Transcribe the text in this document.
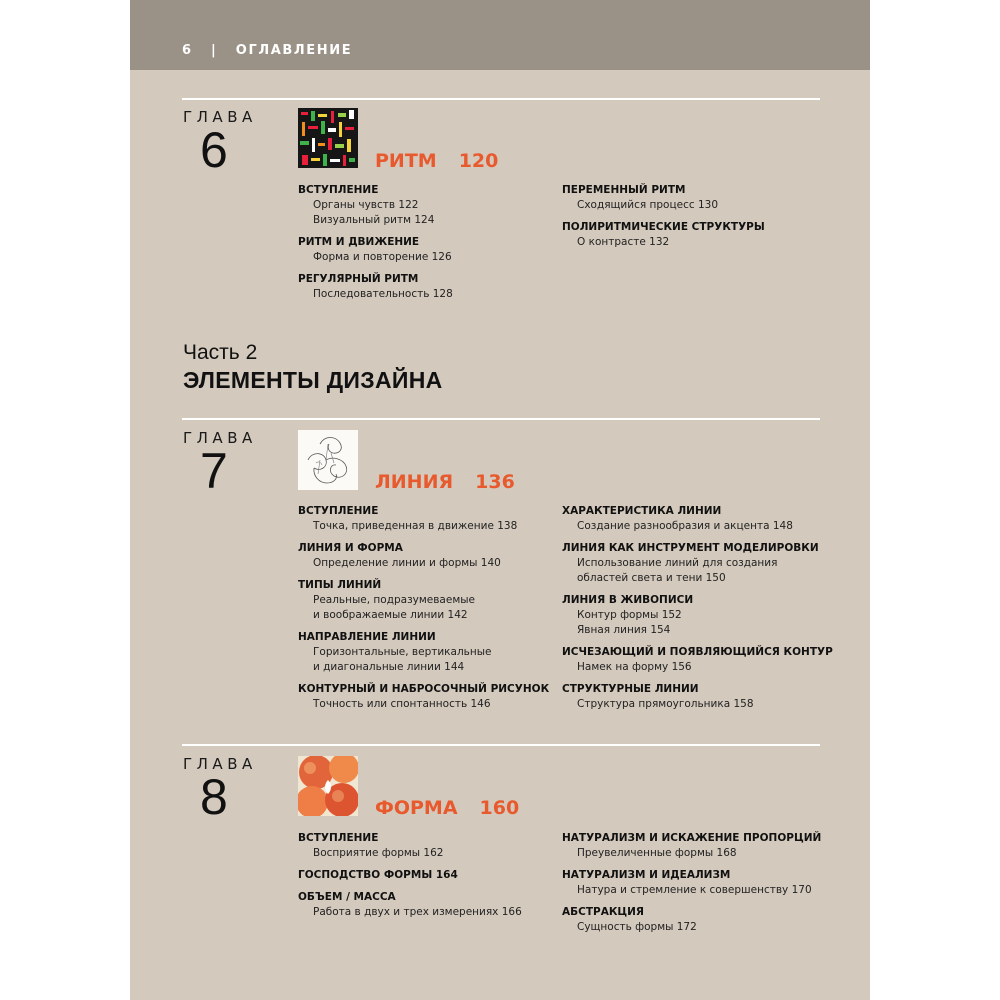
6 | ОГЛАВЛЕНИЕ
ГЛАВА
6	РИТМ 120
ВСТУПЛЕНИЕ
Органы чувств 122
Визуальный ритм 124
РИТМ И ДВИЖЕНИЕ
Форма и повторение 126
РЕГУЛЯРНЫЙ РИТМ
Последовательность 128
ПЕРЕМЕННЫЙ РИТМ
Сходящийся процесс 130
ПОЛИРИТМИЧЕСКИЕ СТРУКТУРЫ
О контрасте 132
Часть 2
ЭЛЕМЕНТЫ ДИЗАЙНА
ГЛАВА
7	ЛИНИЯ 136
ВСТУПЛЕНИЕ
Точка, приведенная в движение 138
ЛИНИЯ И ФОРМА
Определение линии и формы 140
ТИПЫ ЛИНИЙ
Реальные, подразумеваемые
и воображаемые линии 142
НАПРАВЛЕНИЕ ЛИНИИ
Горизонтальные, вертикальные
и диагональные линии 144
КОНТУРНЫЙ И НАБРОСОЧНЫЙ РИСУНОК
Точность или спонтанность 146
ХАРАКТЕРИСТИКА ЛИНИИ
Создание разнообразия и акцента 148
ЛИНИЯ КАК ИНСТРУМЕНТ МОДЕЛИРОВКИ
Использование линий для создания
областей света и тени 150
ЛИНИЯ В ЖИВОПИСИ
Контур формы 152
Явная линия 154
ИСЧЕЗАЮЩИЙ И ПОЯВЛЯЮЩИЙСЯ КОНТУР
Намек на форму 156
СТРУКТУРНЫЕ ЛИНИИ
Структура прямоугольника 158
ГЛАВА
8	ФОРМА 160
ВСТУПЛЕНИЕ
Восприятие формы 162
ГОСПОДСТВО ФОРМЫ 164
ОБЪЕМ / МАССА
Работа в двух и трех измерениях 166
НАТУРАЛИЗМ И ИСКАЖЕНИЕ ПРОПОРЦИЙ
Преувеличенные формы 168
НАТУРАЛИЗМ И ИДЕАЛИЗМ
Натура и стремление к совершенству 170
АБСТРАКЦИЯ
Сущность формы 172
